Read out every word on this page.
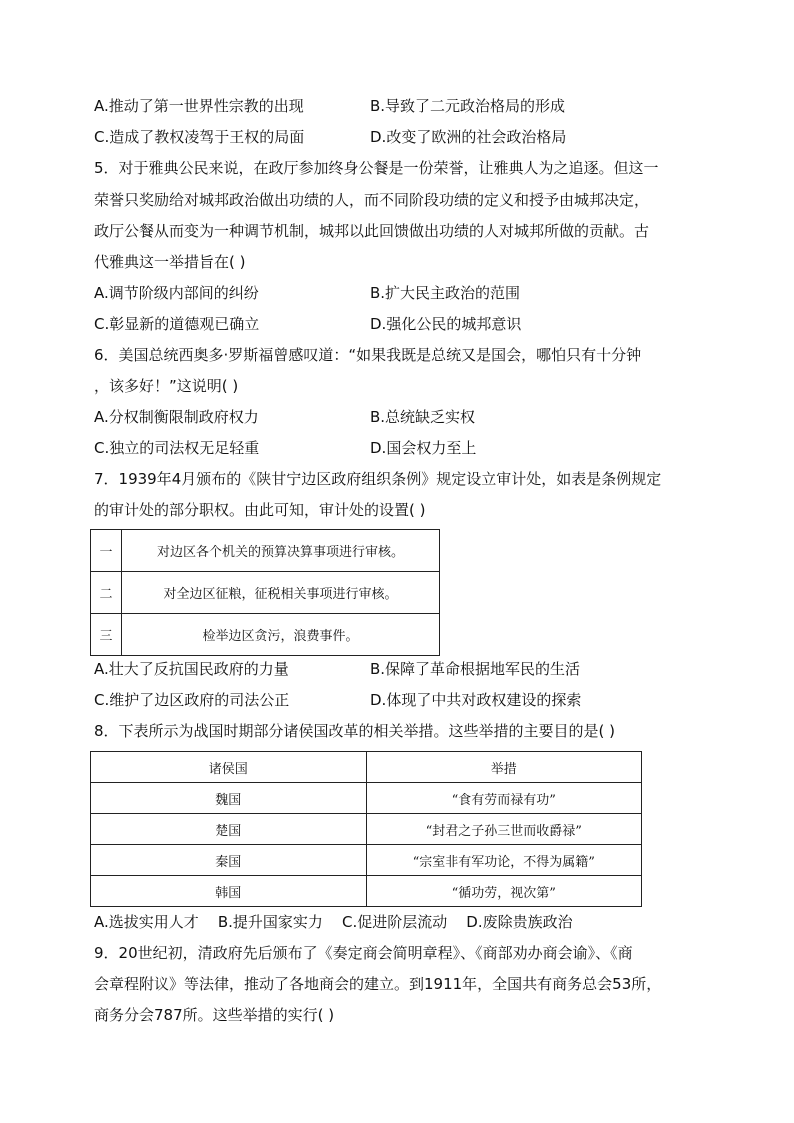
A.推动了第一世界性宗教的出现	B.导致了二元政治格局的形成
C.造成了教权凌驾于王权的局面	D.改变了欧洲的社会政治格局
5．对于雅典公民来说，在政厅参加终身公餐是一份荣誉，让雅典人为之追逐。但这一
荣誉只奖励给对城邦政治做出功绩的人，而不同阶段功绩的定义和授予由城邦决定，
政厅公餐从而变为一种调节机制，城邦以此回馈做出功绩的人对城邦所做的贡献。古
代雅典这一举措旨在( )
A.调节阶级内部间的纠纷	B.扩大民主政治的范围
C.彰显新的道德观已确立	D.强化公民的城邦意识
6．美国总统西奥多·罗斯福曾感叹道：“如果我既是总统又是国会，哪怕只有十分钟
，该多好！”这说明( )
A.分权制衡限制政府权力	B.总统缺乏实权
C.独立的司法权无足轻重	D.国会权力至上
7．1939年4月颁布的《陕甘宁边区政府组织条例》规定设立审计处，如表是条例规定
的审计处的部分职权。由此可知，审计处的设置( )
一	对边区各个机关的预算决算事项进行审核。
二	对全边区征粮，征税相关事项进行审核。
三	检举边区贪污，浪费事件。
A.壮大了反抗国民政府的力量	B.保障了革命根据地军民的生活
C.维护了边区政府的司法公正	D.体现了中共对政权建设的探索
8．下表所示为战国时期部分诸侯国改革的相关举措。这些举措的主要目的是( )
诸侯国	举措
魏国	“食有劳而禄有功”
楚国	“封君之子孙三世而收爵禄”
秦国	“宗室非有军功论，不得为属籍”
韩国	“循功劳，视次第”
A.选拔实用人才    B.提升国家实力    C.促进阶层流动    D.废除贵族政治
9．20世纪初，清政府先后颁布了《奏定商会简明章程》、《商部劝办商会谕》、《商
会章程附议》等法律，推动了各地商会的建立。到1911年，全国共有商务总会53所，
商务分会787所。这些举措的实行( )
